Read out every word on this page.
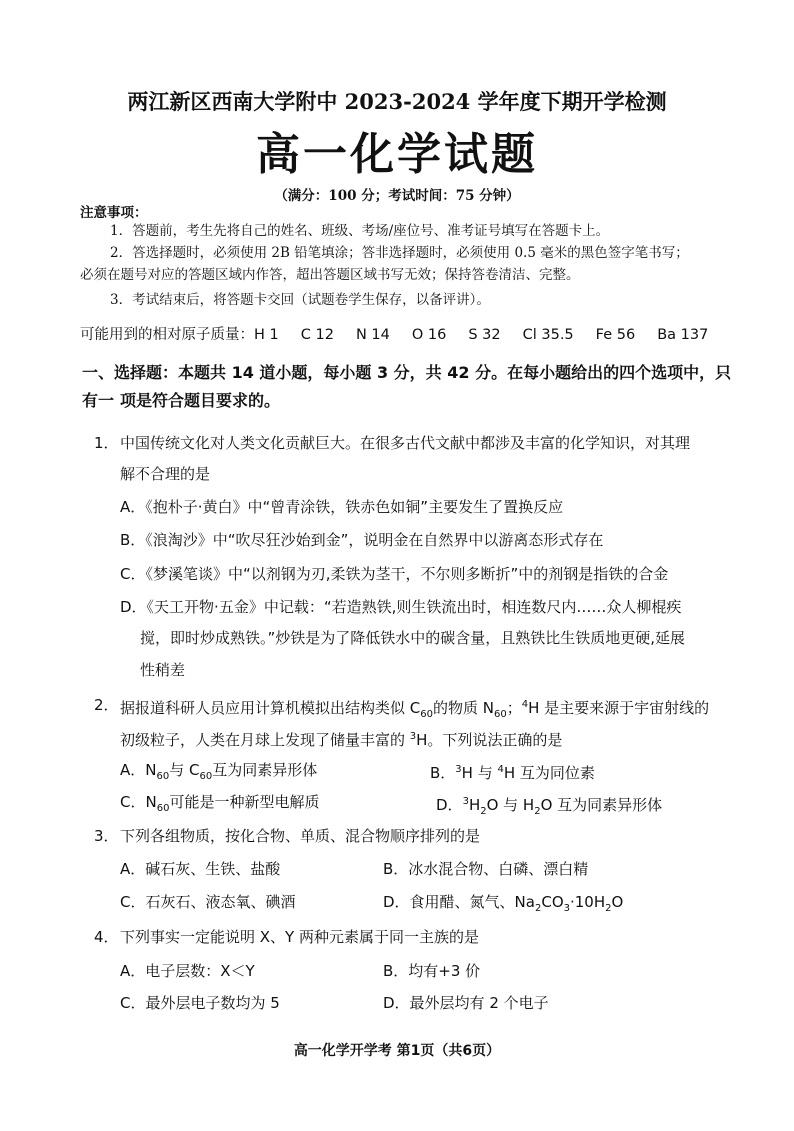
两江新区西南大学附中 2023-2024 学年度下期开学检测
高一化学试题
（满分：100 分；考试时间：75 分钟）
注意事项：
1．答题前，考生先将自己的姓名、班级、考场/座位号、准考证号填写在答题卡上。
2．答选择题时，必须使用 2B 铅笔填涂；答非选择题时，必须使用 0.5 毫米的黑色签字笔书写；
必须在题号对应的答题区域内作答，超出答题区域书写无效；保持答卷清洁、完整。
3．考试结束后，将答题卡交回（试题卷学生保存，以备评讲）。
可能用到的相对原子质量：H 1 C 12 N 14 O 16 S 32 Cl 35.5 Fe 56 Ba 137
一、选择题：本题共 14 道小题，每小题 3 分，共 42 分。在每小题给出的四个选项中，只有一 项是符合题目要求的。
1． 中国传统文化对人类文化贡献巨大。在很多古代文献中都涉及丰富的化学知识，对其理
解不合理的是
A．《抱朴子·黄白》中“曾青涂铁，铁赤色如铜”主要发生了置换反应
B．《浪淘沙》中“吹尽狂沙始到金”，说明金在自然界中以游离态形式存在
C．《梦溪笔谈》中“以剂钢为刃,柔铁为茎干，不尔则多断折”中的剂钢是指铁的合金
D．《天工开物·五金》中记载：“若造熟铁,则生铁流出时，相连数尺内……众人柳棍疾
搅，即时炒成熟铁。”炒铁是为了降低铁水中的碳含量，且熟铁比生铁质地更硬,延展
性稍差
2． 据报道科研人员应用计算机模拟出结构类似 $C_{60}$的物质 $N_{60}$；$^4$H 是主要来源于宇宙射线的
初级粒子，人类在月球上发现了储量丰富的 $^3$H。下列说法正确的是
A．$N_{60}$与 $C_{60}$互为同素异形体	B．$^3$H 与 $^4$H 互为同位素
C．$N_{60}$可能是一种新型电解质	D．$^3H_2O$ 与 $H_2O$ 互为同素异形体
3． 下列各组物质，按化合物、单质、混合物顺序排列的是
A．碱石灰、生铁、盐酸	B．冰水混合物、白磷、漂白精
C．石灰石、液态氧、碘酒	D．食用醋、氮气、$Na_2CO_3\cdot 10H_2O$
4． 下列事实一定能说明 X、Y 两种元素属于同一主族的是
A．电子层数：X＜Y	B．均有+3 价
C．最外层电子数均为 5	D．最外层均有 2 个电子
高一化学开学考 第1页（共6页）
